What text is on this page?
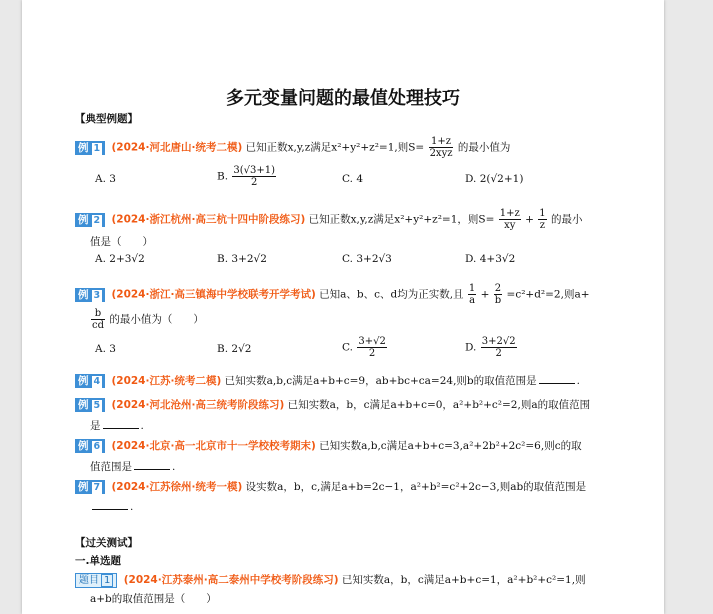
多元变量问题的最值处理技巧
【典型例题】
例 1 (2024·河北唐山·统考二模) 已知正数x,y,z满足x²+y²+z²=1,则$S= \frac{1+z}{\text{2xyz}}$ 的最小值为
A. 3	B. $\frac{3(√3+1)}{2}$	C. 4	D. 2(√2+1)
例 2 (2024·浙江杭州·高三杭十四中阶段练习) 已知正数x,y,z满足x²+y²+z²=1，则$S= \frac{1+z}{xy} + \frac{1}{z}$ 的最小
值是（　　）
A. 2+3√2	B. 3+2√2	C. 3+2√3	D. 4+3√2
例 3 (2024·浙江·高三镇海中学校联考开学考试) 已知a、b、c、d均为正实数,且 $\frac{1}{a} + \frac{2}{b} =c^2+d^2=2$,则a+
$\frac{b}{cd}$ 的最小值为（　　）
A. 3	B. 2√2	C. $\frac{3+√2}{2}$	D. $\frac{3+2√2}{2}$
例 4 (2024·江苏·统考二模) 已知实数a,b,c满足a+b+c=9，ab+bc+ca=24,则b的取值范围是	.
例 5 (2024·河北沧州·高三统考阶段练习) 已知实数a，b，c满足a+b+c=0，a²+b²+c²=2,则a的取值范围
是	.
例 6 (2024·北京·高一北京市十一学校校考期末) 已知实数a,b,c满足a+b+c=3,a²+2b²+2c²=6,则c的取
值范围是	.
例 7 (2024·江苏徐州·统考一模) 设实数a，b，c,满足a+b=2c−1，a²+b²=c²+2c−3,则ab的取值范围是
.
【过关测试】
一.单选题
题目 1 (2024·江苏泰州·高二泰州中学校考阶段练习) 已知实数a，b，c满足a+b+c=1，a²+b²+c²=1,则
a+b的取值范围是（　　）
